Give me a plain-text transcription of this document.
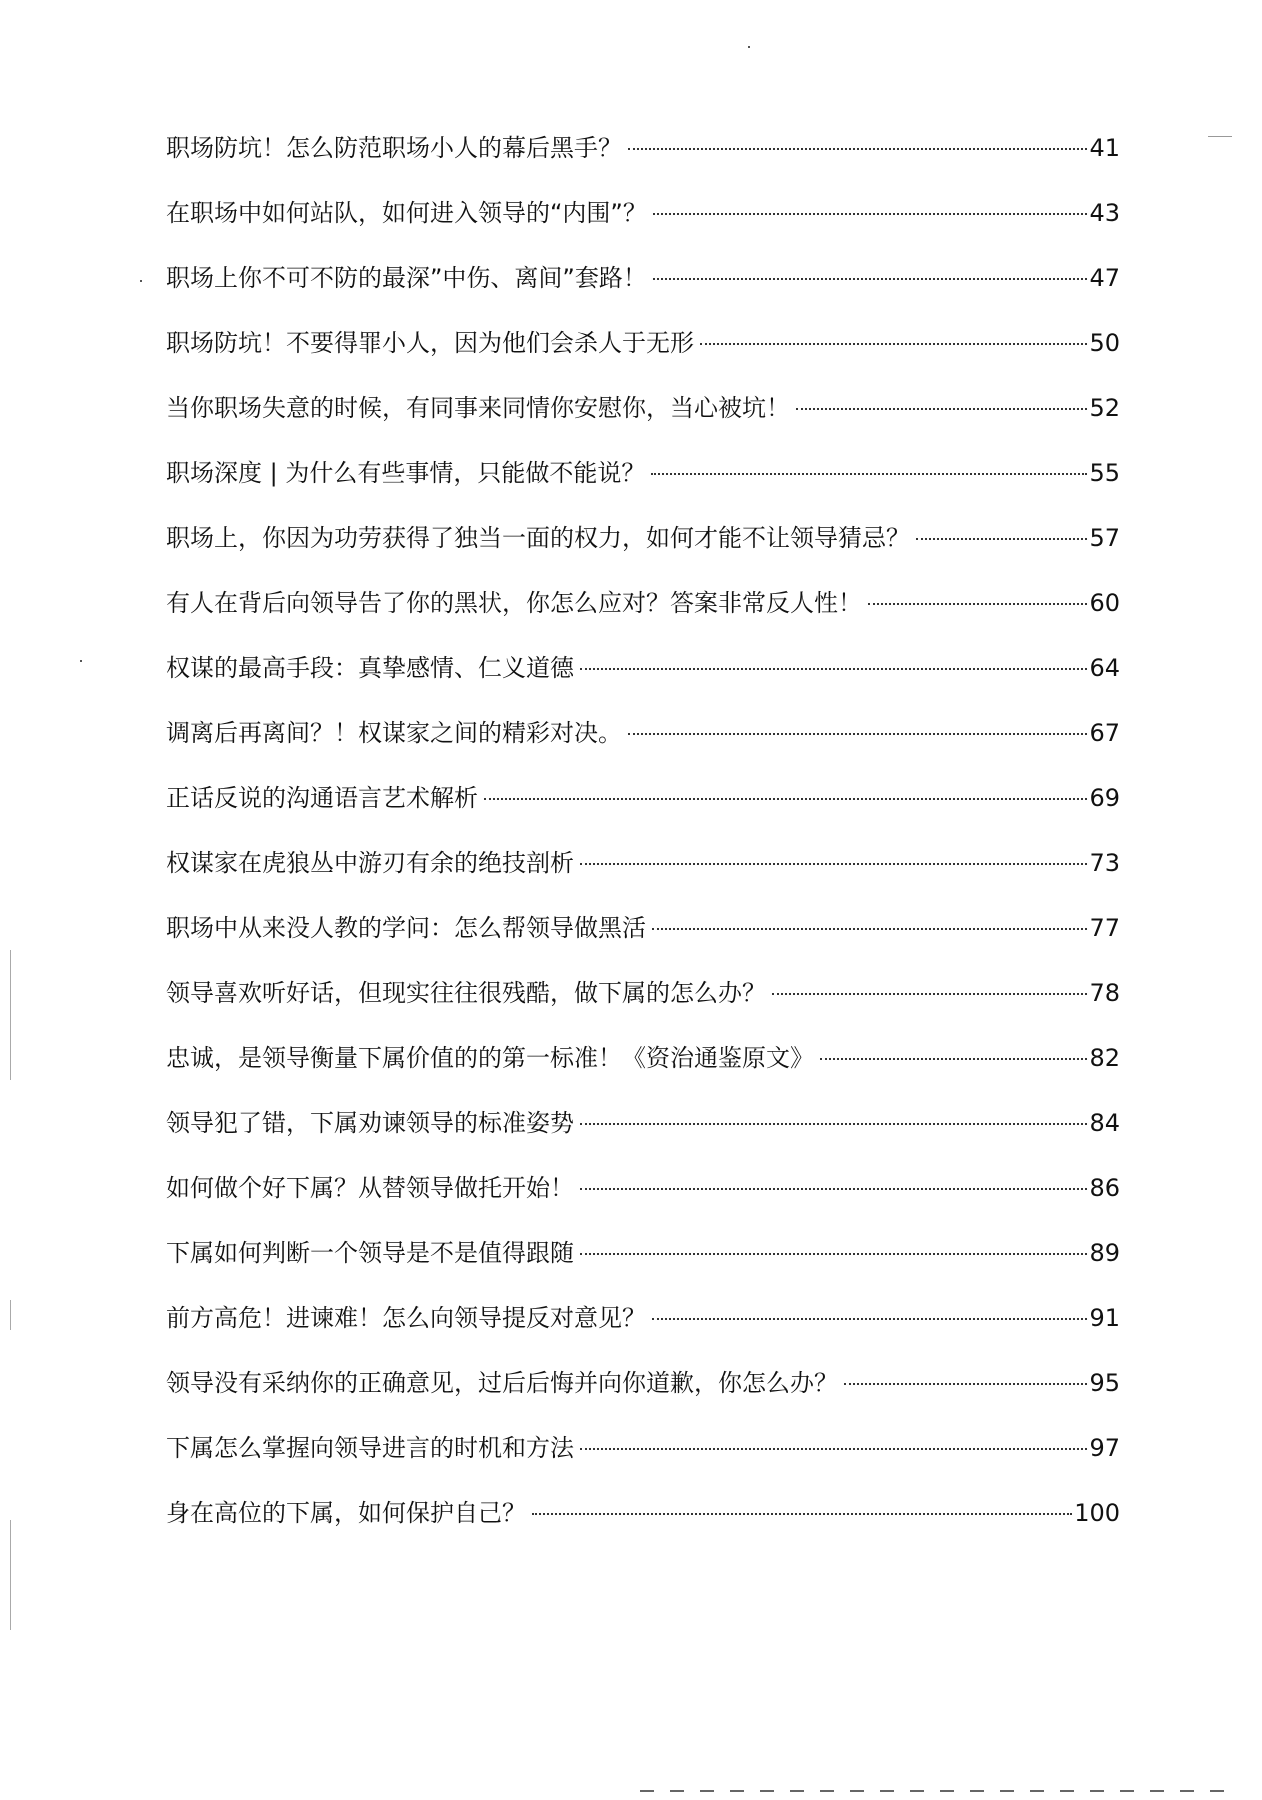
职场防坑！怎么防范职场小人的幕后黑手？	41
在职场中如何站队，如何进入领导的“内围”？	43
职场上你不可不防的最深”中伤、离间”套路！	47
职场防坑！不要得罪小人，因为他们会杀人于无形	50
当你职场失意的时候，有同事来同情你安慰你，当心被坑！	52
职场深度 | 为什么有些事情，只能做不能说？	55
职场上，你因为功劳获得了独当一面的权力，如何才能不让领导猜忌？	57
有人在背后向领导告了你的黑状，你怎么应对？答案非常反人性！	60
权谋的最高手段：真挚感情、仁义道德	64
调离后再离间？！权谋家之间的精彩对决。	67
正话反说的沟通语言艺术解析	69
权谋家在虎狼丛中游刃有余的绝技剖析	73
职场中从来没人教的学问：怎么帮领导做黑活	77
领导喜欢听好话，但现实往往很残酷，做下属的怎么办？	78
忠诚，是领导衡量下属价值的的第一标准！《资治通鉴原文》	82
领导犯了错，下属劝谏领导的标准姿势	84
如何做个好下属？从替领导做托开始！	86
下属如何判断一个领导是不是值得跟随	89
前方高危！进谏难！怎么向领导提反对意见？	91
领导没有采纳你的正确意见，过后后悔并向你道歉，你怎么办？	95
下属怎么掌握向领导进言的时机和方法	97
身在高位的下属，如何保护自己？	100
